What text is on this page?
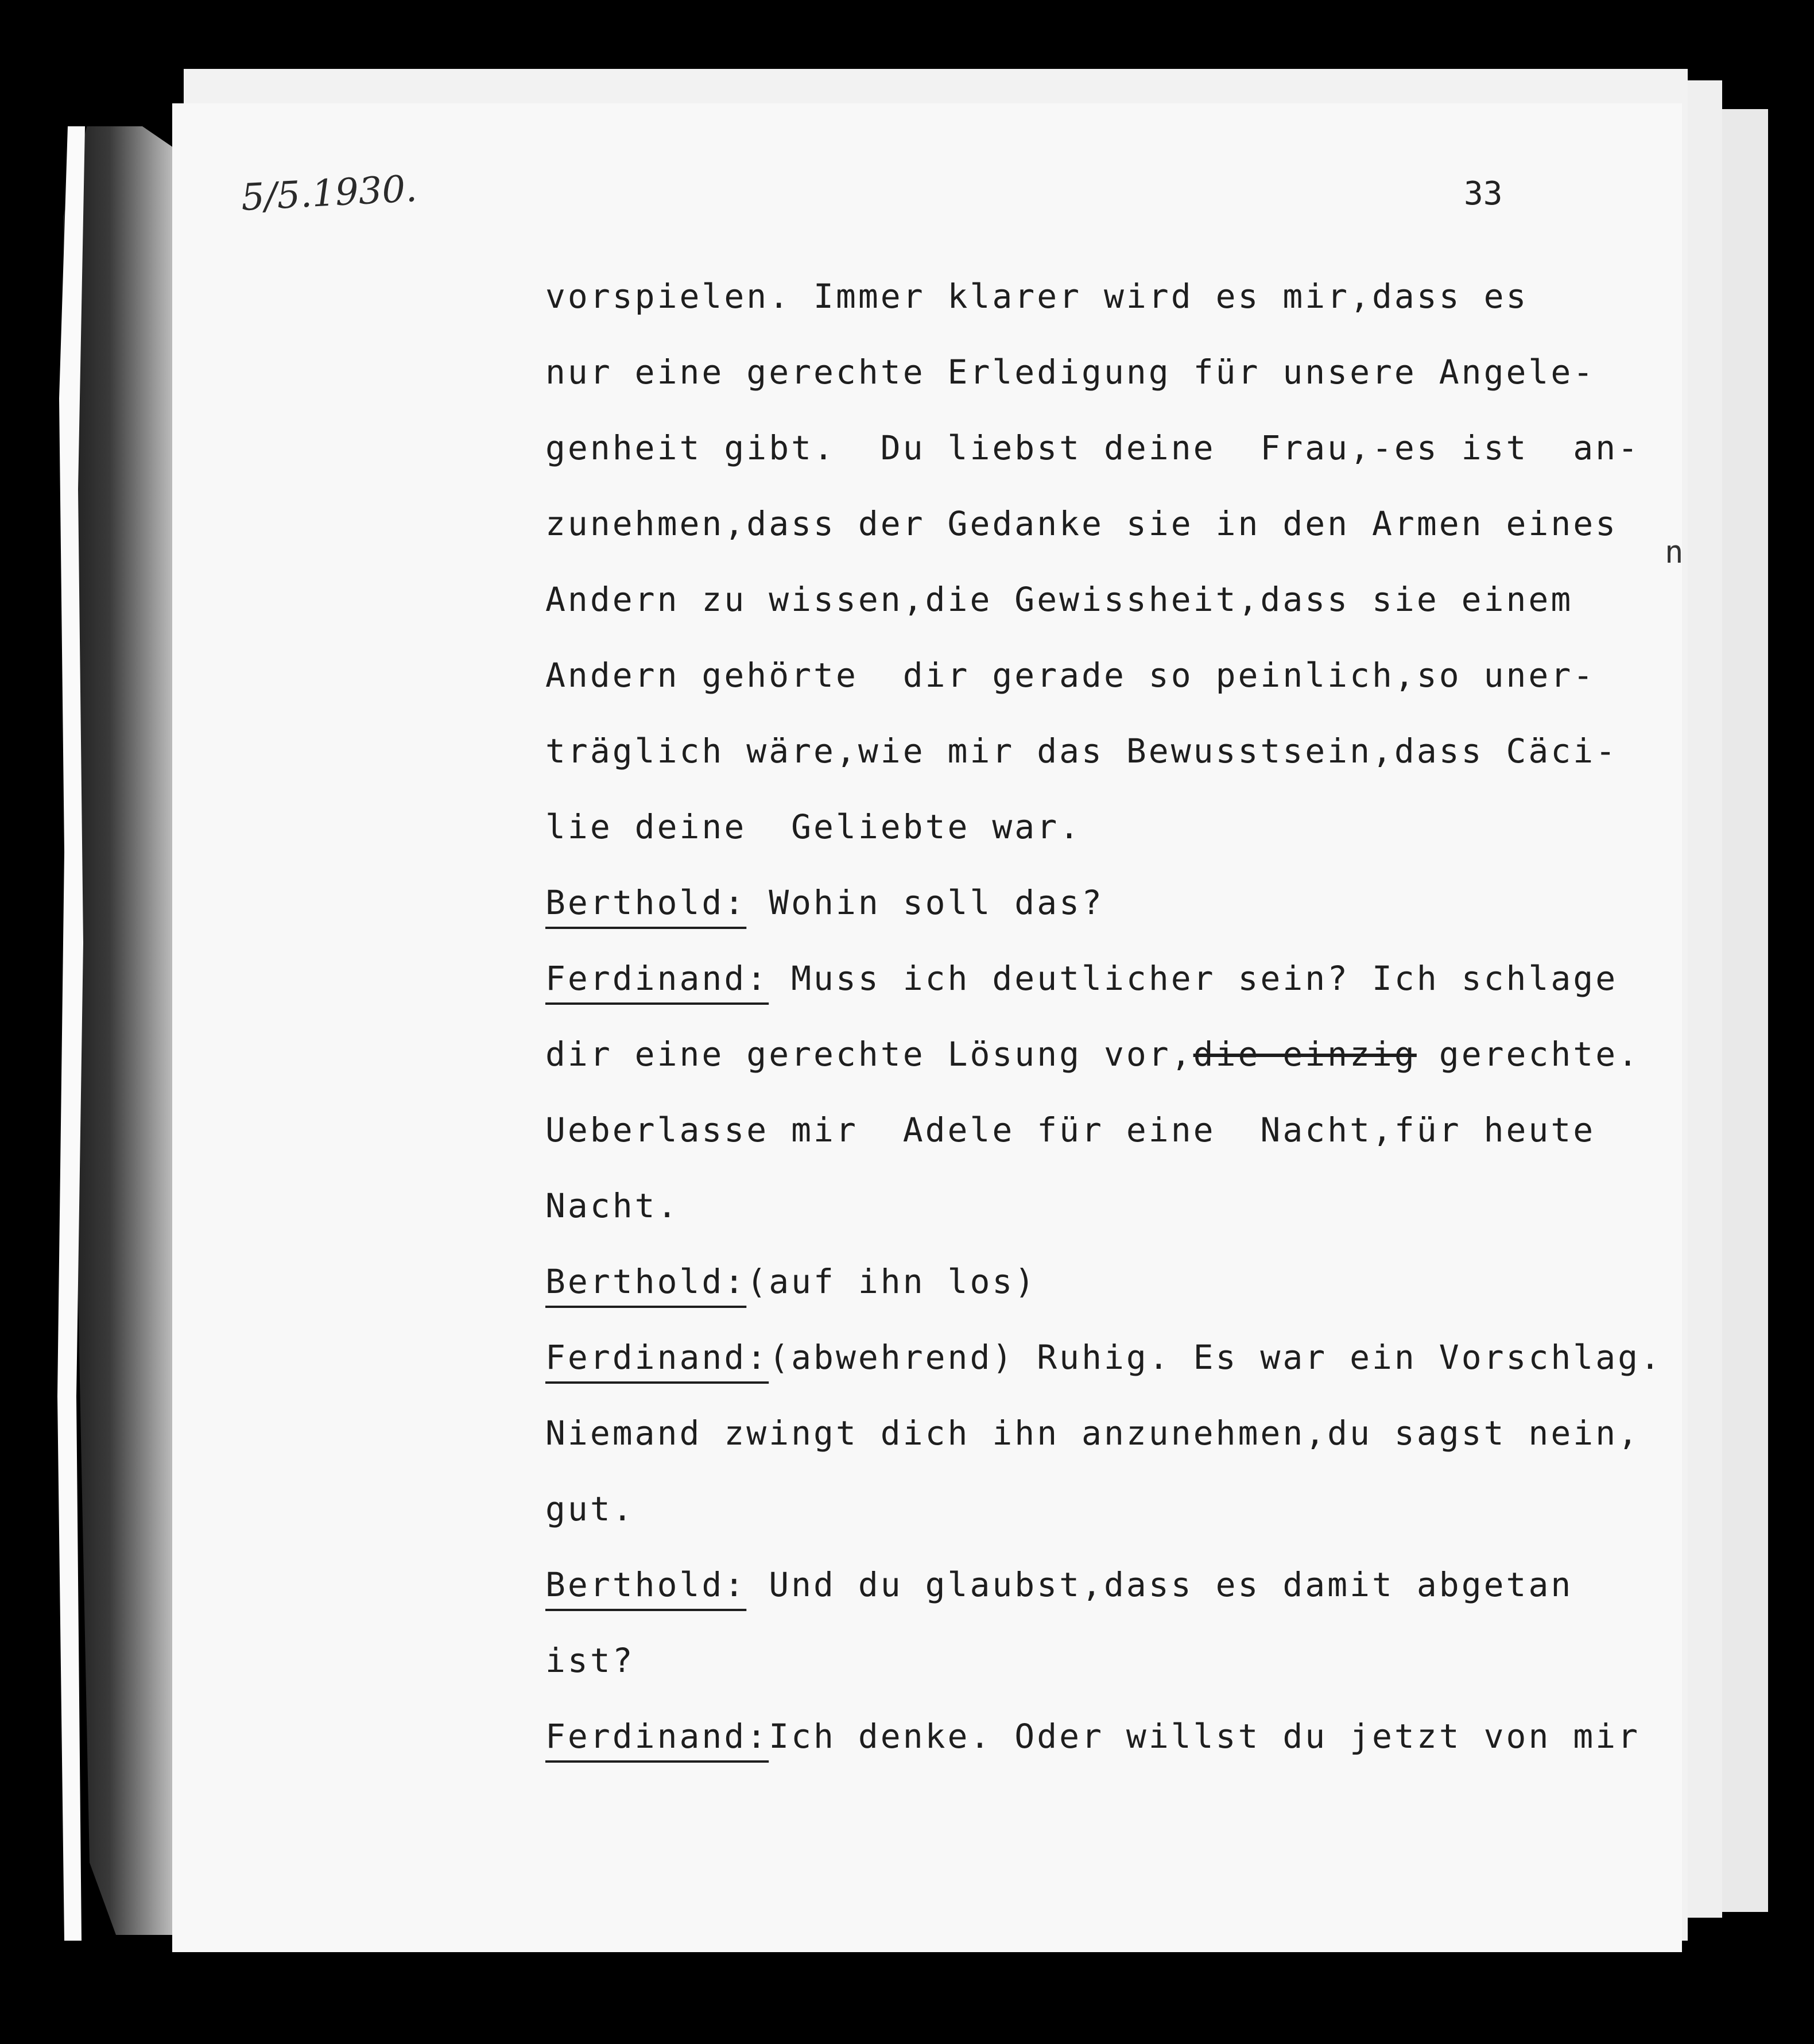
5/5.1930.	33
n
vorspielen. Immer klarer wird es mir,dass es
nur eine gerechte Erledigung für unsere Angele-
genheit gibt.  Du liebst deine  Frau,-es ist  an-
zunehmen,dass der Gedanke sie in den Armen eines
Andern zu wissen,die Gewissheit,dass sie einem
Andern gehörte  dir gerade so peinlich,so uner-
träglich wäre,wie mir das Bewusstsein,dass Cäci-
lie deine  Geliebte war.
Berthold: Wohin soll das?
Ferdinand: Muss ich deutlicher sein? Ich schlage
dir eine gerechte Lösung vor,die einzig gerechte.
Ueberlasse mir  Adele für eine  Nacht,für heute
Nacht.
Berthold:(auf ihn los)
Ferdinand:(abwehrend) Ruhig. Es war ein Vorschlag.
Niemand zwingt dich ihn anzunehmen,du sagst nein,
gut.
Berthold: Und du glaubst,dass es damit abgetan
ist?
Ferdinand:Ich denke. Oder willst du jetzt von mir
